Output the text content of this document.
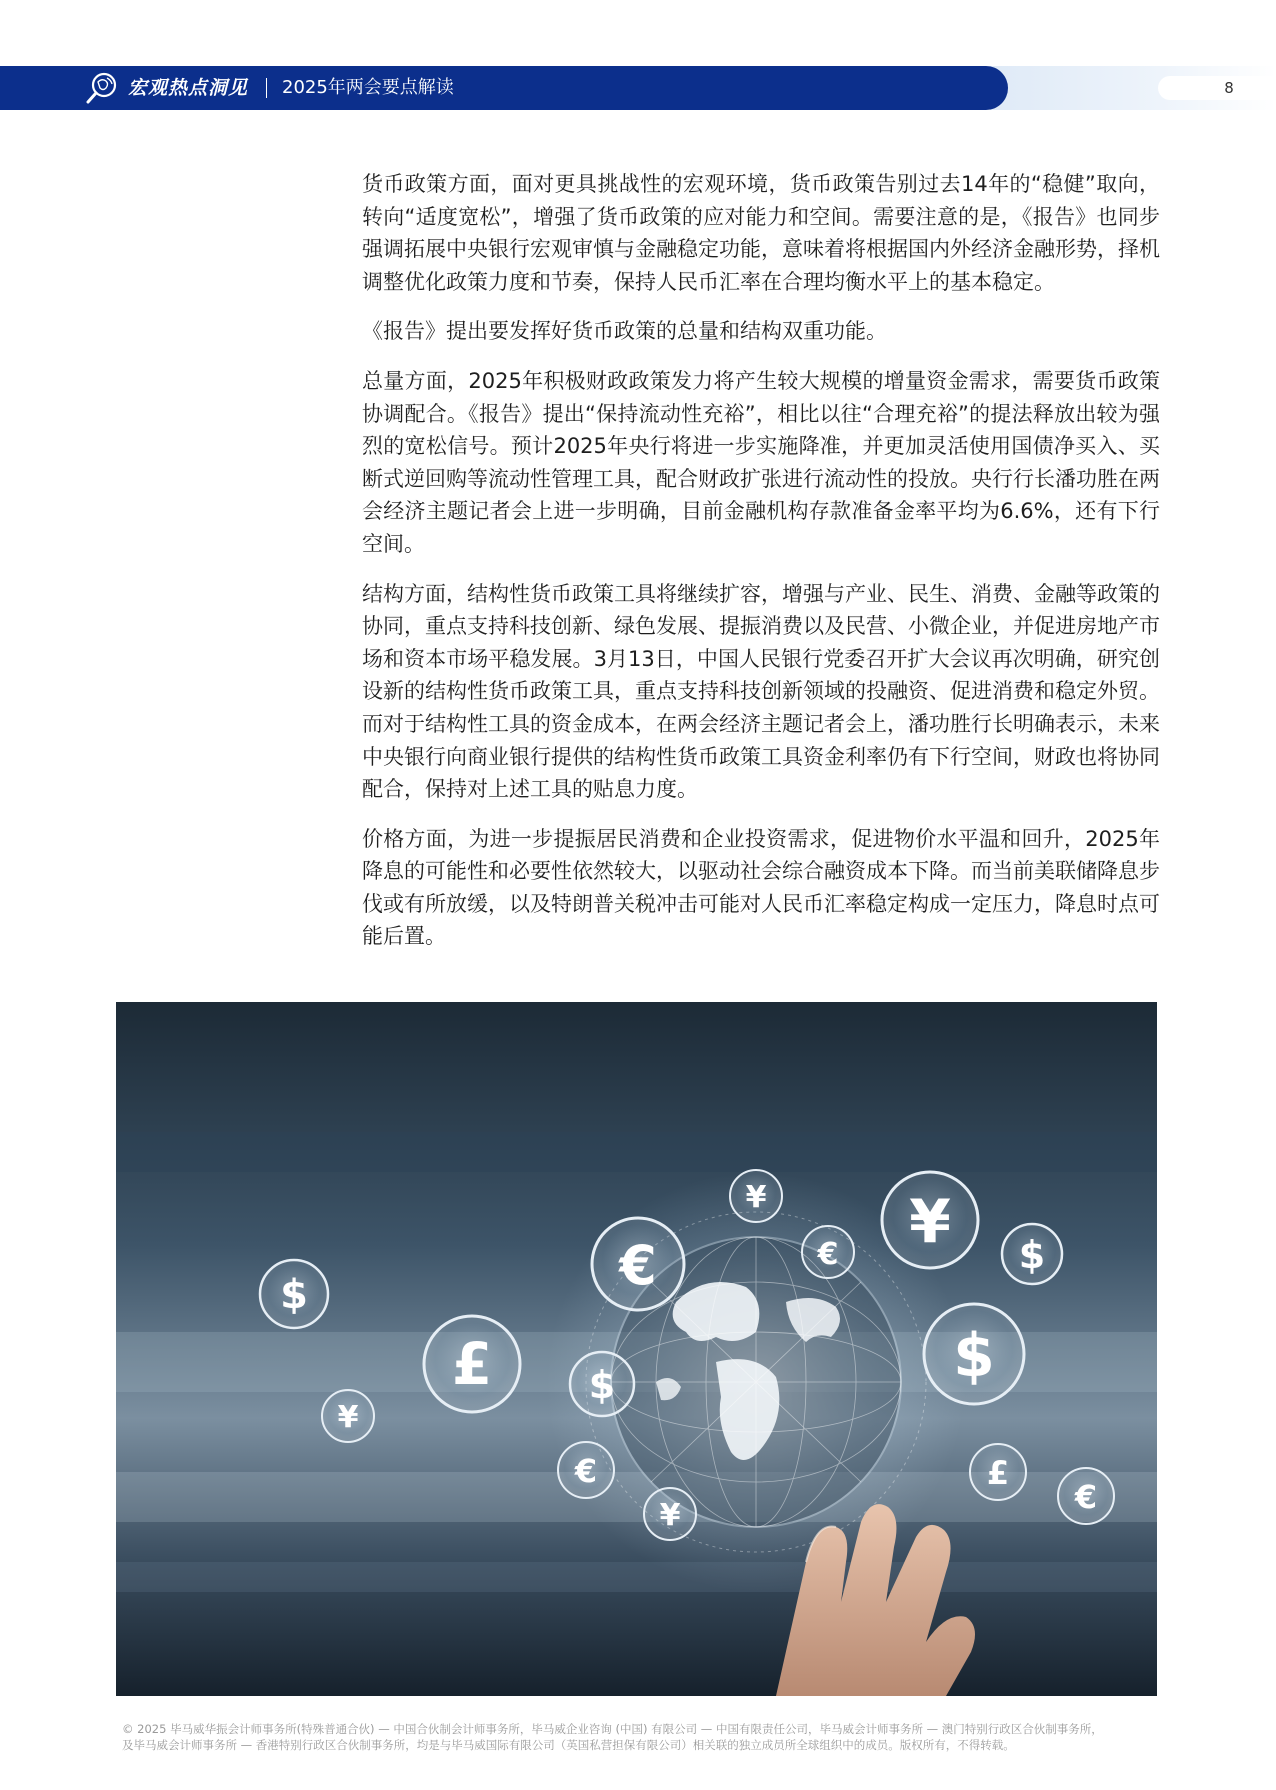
宏观热点洞见 2025年两会要点解读	8

货币政策方面，面对更具挑战性的宏观环境，货币政策告别过去14年的“稳健”取向，转向“适度宽松”，增强了货币政策的应对能力和空间。需要注意的是，《报告》也同步强调拓展中央银行宏观审慎与金融稳定功能，意味着将根据国内外经济金融形势，择机调整优化政策力度和节奏，保持人民币汇率在合理均衡水平上的基本稳定。

《报告》提出要发挥好货币政策的总量和结构双重功能。

总量方面，2025年积极财政政策发力将产生较大规模的增量资金需求，需要货币政策协调配合。《报告》提出“保持流动性充裕”，相比以往“合理充裕”的提法释放出较为强烈的宽松信号。预计2025年央行将进一步实施降准，并更加灵活使用国债净买入、买断式逆回购等流动性管理工具，配合财政扩张进行流动性的投放。央行行长潘功胜在两会经济主题记者会上进一步明确，目前金融机构存款准备金率平均为6.6%，还有下行空间。

结构方面，结构性货币政策工具将继续扩容，增强与产业、民生、消费、金融等政策的协同，重点支持科技创新、绿色发展、提振消费以及民营、小微企业，并促进房地产市场和资本市场平稳发展。3月13日，中国人民银行党委召开扩大会议再次明确，研究创设新的结构性货币政策工具，重点支持科技创新领域的投融资、促进消费和稳定外贸。而对于结构性工具的资金成本，在两会经济主题记者会上，潘功胜行长明确表示，未来中央银行向商业银行提供的结构性货币政策工具资金利率仍有下行空间，财政也将协同配合，保持对上述工具的贴息力度。

价格方面，为进一步提振居民消费和企业投资需求，促进物价水平温和回升，2025年降息的可能性和必要性依然较大，以驱动社会综合融资成本下降。而当前美联储降息步伐或有所放缓，以及特朗普关税冲击可能对人民币汇率稳定构成一定压力，降息时点可能后置。

$
£
¥
$
€
€
¥
¥
€ ¥ $
$
£
€
© 2025 毕马威华振会计师事务所(特殊普通合伙) — 中国合伙制会计师事务所，毕马威企业咨询 (中国) 有限公司 — 中国有限责任公司，毕马威会计师事务所 — 澳门特别行政区合伙制事务所，
及毕马威会计师事务所 — 香港特别行政区合伙制事务所，均是与毕马威国际有限公司（英国私营担保有限公司）相关联的独立成员所全球组织中的成员。版权所有，不得转载。
